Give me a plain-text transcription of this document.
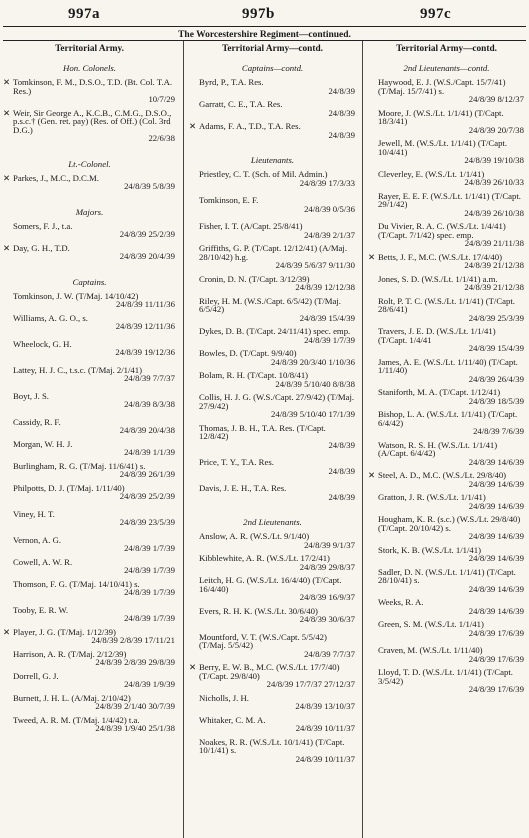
997a	997b	997c
The Worcestershire Regiment—continued.
Territorial Army.
Hon. Colonels.
✕ Tomkinson, F. M., D.S.O., T.D. (Bt. Col. T.A. Res.)
10/7/29
✕ Weir, Sir George A., K.C.B., C.M.G., D.S.O., p.s.c.† (Gen. ret. pay) (Res. of Off.) (Col. 3rd D.G.)
22/6/38
Lt.-Colonel.
✕ Parkes, J., M.C., D.C.M.
24/8/39 5/8/39
Majors.
Somers, F. J., t.a.
24/8/39 25/2/39
✕ Day, G. H., T.D.
24/8/39 20/4/39
Captains.
Tomkinson, J. W. (T/Maj. 14/10/42)
24/8/39 11/11/36
Williams, A. G. O., s.
24/8/39 12/11/36
Wheelock, G. H.
24/8/39 19/12/36
Lattey, H. J. C., t.s.c. (T/Maj. 2/1/41)
24/8/39 7/7/37
Boyt, J. S.
24/8/39 8/3/38
Cassidy, R. F.
24/8/39 20/4/38
Morgan, W. H. J.
24/8/39 1/1/39
Burlingham, R. G. (T/Maj. 11/6/41) s.
24/8/39 26/1/39
Philpotts, D. J. (T/Maj. 1/11/40)
24/8/39 25/2/39
Viney, H. T.
24/8/39 23/5/39
Vernon, A. G.
24/8/39 1/7/39
Cowell, A. W. R.
24/8/39 1/7/39
Thomson, F. G. (T/Maj. 14/10/41) s.
24/8/39 1/7/39
Tooby, E. R. W.
24/8/39 1/7/39
✕ Player, J. G. (T/Maj. 1/12/39)
24/8/39 2/8/39 17/11/21
Harrison, A. R. (T/Maj. 2/12/39)
24/8/39 2/8/39 29/8/39
Dorrell, G. J.
24/8/39 1/9/39
Burnett, J. H. L. (A/Maj. 2/10/42)
24/8/39 2/1/40 30/7/39
Tweed, A. R. M. (T/Maj. 1/4/42) t.a.
24/8/39 1/9/40 25/1/38
Territorial Army—contd.
Captains—contd.
Byrd, P., T.A. Res.
24/8/39
Garratt, C. E., T.A. Res.
24/8/39
✕ Adams, F. A., T.D., T.A. Res.
24/8/39
Lieutenants.
Priestley, C. T. (Sch. of Mil. Admin.)
24/8/39 17/3/33
Tomkinson, E. F.
24/8/39 0/5/36
Fisher, I. T. (A/Capt. 25/8/41)
24/8/39 2/1/37
Griffiths, G. P. (T/Capt. 12/12/41) (A/Maj. 28/10/42) h.g.
24/8/39 5/6/37 9/11/30
Cronin, D. N. (T/Capt. 3/12/39)
24/8/39 12/12/38
Riley, H. M. (W.S./Capt. 6/5/42) (T/Maj. 6/5/42)
24/8/39 15/4/39
Dykes, D. B. (T/Capt. 24/11/41) spec. emp.
24/8/39 1/7/39
Bowles, D. (T/Capt. 9/9/40)
24/8/39 20/3/40 1/10/36
Bolam, R. H. (T/Capt. 10/8/41)
24/8/39 5/10/40 8/8/38
Collis, H. J. G. (W.S./Capt. 27/9/42) (T/Maj. 27/9/42)
24/8/39 5/10/40 17/1/39
Thomas, J. B. H., T.A. Res. (T/Capt. 12/8/42)
24/8/39
Price, T. Y., T.A. Res.
24/8/39
Davis, J. E. H., T.A. Res.
24/8/39
2nd Lieutenants.
Anslow, A. R. (W.S./Lt. 9/1/40)
24/8/39 9/1/37
Kibblewhite, A. R. (W.S./Lt. 17/2/41)
24/8/39 29/8/37
Leitch, H. G. (W.S./Lt. 16/4/40) (T/Capt. 16/4/40)
24/8/39 16/9/37
Evers, R. H. K. (W.S./Lt. 30/6/40)
24/8/39 30/6/37
Mountford, V. T. (W.S./Capt. 5/5/42) (T/Maj. 5/5/42)
24/8/39 7/7/37
✕ Berry, E. W. B., M.C. (W.S./Lt. 17/7/40) (T/Capt. 29/8/40)
24/8/39 17/7/37 27/12/37
Nicholls, J. H.
24/8/39 13/10/37
Whitaker, C. M. A.
24/8/39 10/11/37
Noakes, R. R. (W.S./Lt. 10/1/41) (T/Capt. 10/1/41) s.
24/8/39 10/11/37
Territorial Army—contd.
2nd Lieutenants—contd.
Haywood, E. J. (W.S./Capt. 15/7/41) (T/Maj. 15/7/41) s.
24/8/39 8/12/37
Moore, J. (W.S./Lt. 1/1/41) (T/Capt. 18/3/41)
24/8/39 20/7/38
Jewell, M. (W.S./Lt. 1/1/41) (T/Capt. 10/4/41)
24/8/39 19/10/38
Cleverley, E. (W.S./Lt. 1/1/41)
24/8/39 26/10/33
Rayer, E. E. F. (W.S./Lt. 1/1/41) (T/Capt. 29/1/42)
24/8/39 26/10/38
Du Vivier, R. A. C. (W.S./Lt. 1/4/41) (T/Capt. 7/1/42) spec. emp.
24/8/39 21/11/38
✕ Betts, J. F., M.C. (W.S./Lt. 17/4/40)
24/8/39 21/12/38
Jones, S. D. (W.S./Lt. 1/1/41) a.m.
24/8/39 21/12/38
Rolt, P. T. C. (W.S./Lt. 1/1/41) (T/Capt. 28/6/41)
24/8/39 25/3/39
Travers, J. E. D. (W.S./Lt. 1/1/41) (T/Capt. 1/4/41
24/8/39 15/4/39
James, A. E. (W.S./Lt. 1/11/40) (T/Capt. 1/11/40)
24/8/39 26/4/39
Staniforth, M. A. (T/Capt. 1/12/41)
24/8/39 18/5/39
Bishop, L. A. (W.S./Lt. 1/1/41) (T/Capt. 6/4/42)
24/8/39 7/6/39
Watson, R. S. H. (W.S./Lt. 1/1/41) (A/Capt. 6/4/42)
24/8/39 14/6/39
✕ Steel, A. D., M.C. (W.S./Lt. 29/8/40)
24/8/39 14/6/39
Gratton, J. R. (W.S./Lt. 1/1/41)
24/8/39 14/6/39
Hougham, K. R. (s.c.) (W.S./Lt. 29/8/40) (T/Capt. 20/10/42) s.
24/8/39 14/6/39
Stork, K. B. (W.S./Lt. 1/1/41)
24/8/39 14/6/39
Sadler, D. N. (W.S./Lt. 1/1/41) (T/Capt. 28/10/41) s.
24/8/39 14/6/39
Weeks, R. A.
24/8/39 14/6/39
Green, S. M. (W.S./Lt. 1/1/41)
24/8/39 17/6/39
Craven, M. (W.S./Lt. 1/11/40)
24/8/39 17/6/39
Lloyd, T. D. (W.S./Lt. 1/1/41) (T/Capt. 3/5/42)
24/8/39 17/6/39
